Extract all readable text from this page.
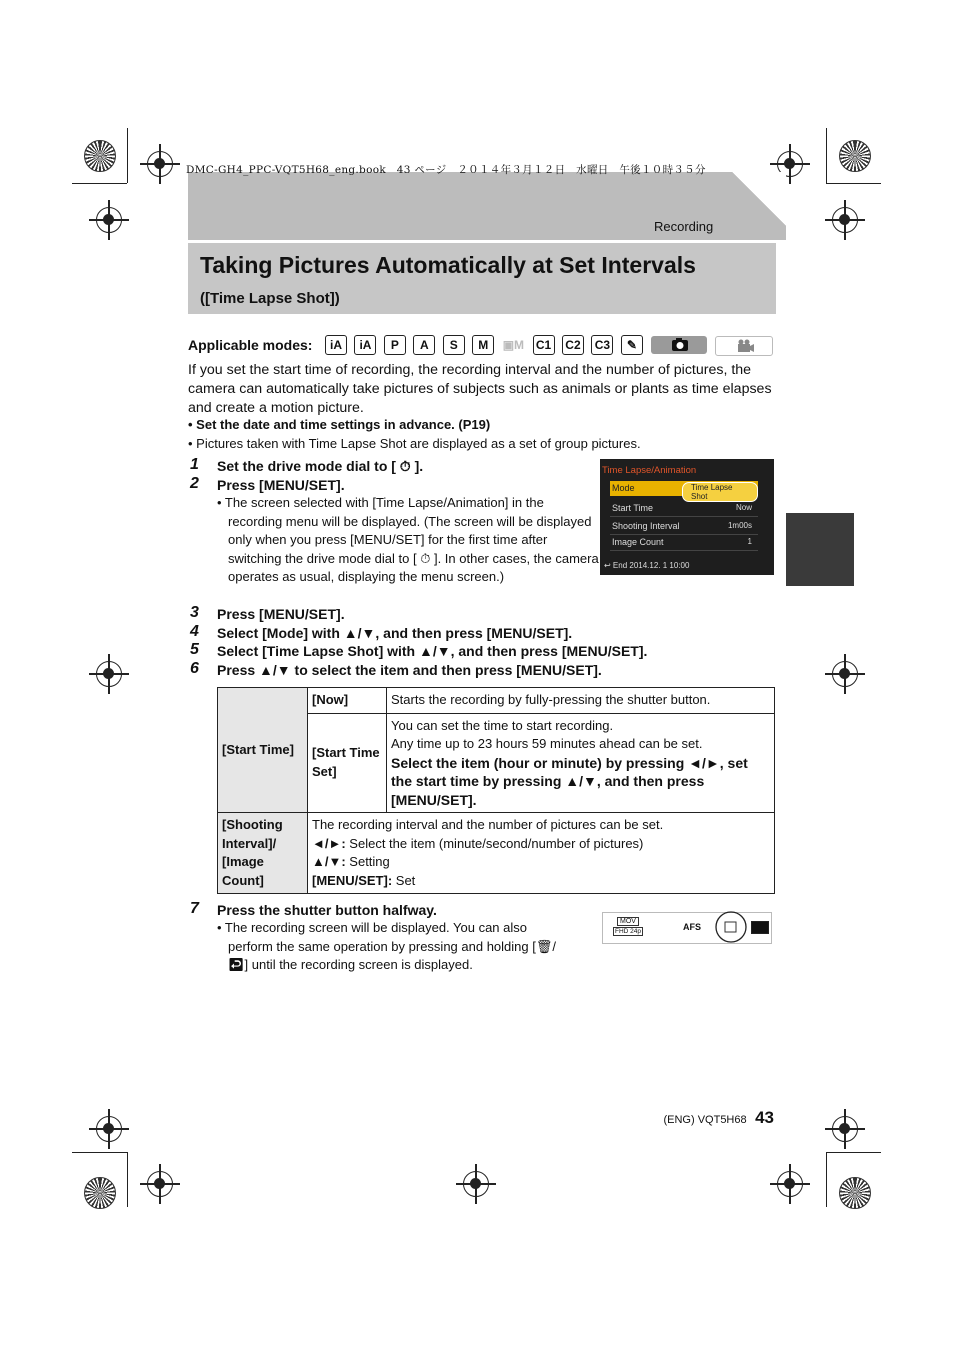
DMC-GH4_PPC-VQT5H68_eng.book　43 ページ　２０１４年３月１２日　水曜日　午後１０時３５分
Recording
Taking Pictures Automatically at Set Intervals
([Time Lapse Shot])
Applicable modes:	iA iA P A S M ▣M C1 C2 C3 ✎
If you set the start time of recording, the recording interval and the number of pictures, the camera can automatically take pictures of subjects such as animals or plants as time elapses and create a motion picture.
• Set the date and time settings in advance. (P19)
• Pictures taken with Time Lapse Shot are displayed as a set of group pictures.
1 Set the drive mode dial to [ ⏱ ].
2 Press [MENU/SET].
• The screen selected with [Time Lapse/Animation] in the recording menu will be displayed. (The screen will be displayed only when you press [MENU/SET] for the first time after switching the drive mode dial to [ ⏱ ]. In other cases, the camera operates as usual, displaying the menu screen.)
Time Lapse/Animation
Mode	Time Lapse Shot
Start Time	Now
Shooting Interval	1m00s
Image Count	1
↩ End 2014.12. 1 10:00
3 Press [MENU/SET].
4 Select [Mode] with ▲/▼, and then press [MENU/SET].
5 Select [Time Lapse Shot] with ▲/▼, and then press [MENU/SET].
6 Press ▲/▼ to select the item and then press [MENU/SET].
[Start Time]	[Now]	Starts the recording by fully-pressing the shutter button.
	[Start Time Set]	You can set the time to start recording.
Any time up to 23 hours 59 minutes ahead can be set.
Select the item (hour or minute) by pressing ◄/►, set the start time by pressing ▲/▼, and then press [MENU/SET].

[Shooting Interval]/ [Image Count]	The recording interval and the number of pictures can be set.
◄/►: Select the item (minute/second/number of pictures)
▲/▼: Setting
[MENU/SET]: Set	
7 Press the shutter button halfway.
• The recording screen will be displayed. You can also perform the same operation by pressing and holding [🗑/↩] until the recording screen is displayed.
MOV
FHD 24p	AFS
(ENG) VQT5H68 43
